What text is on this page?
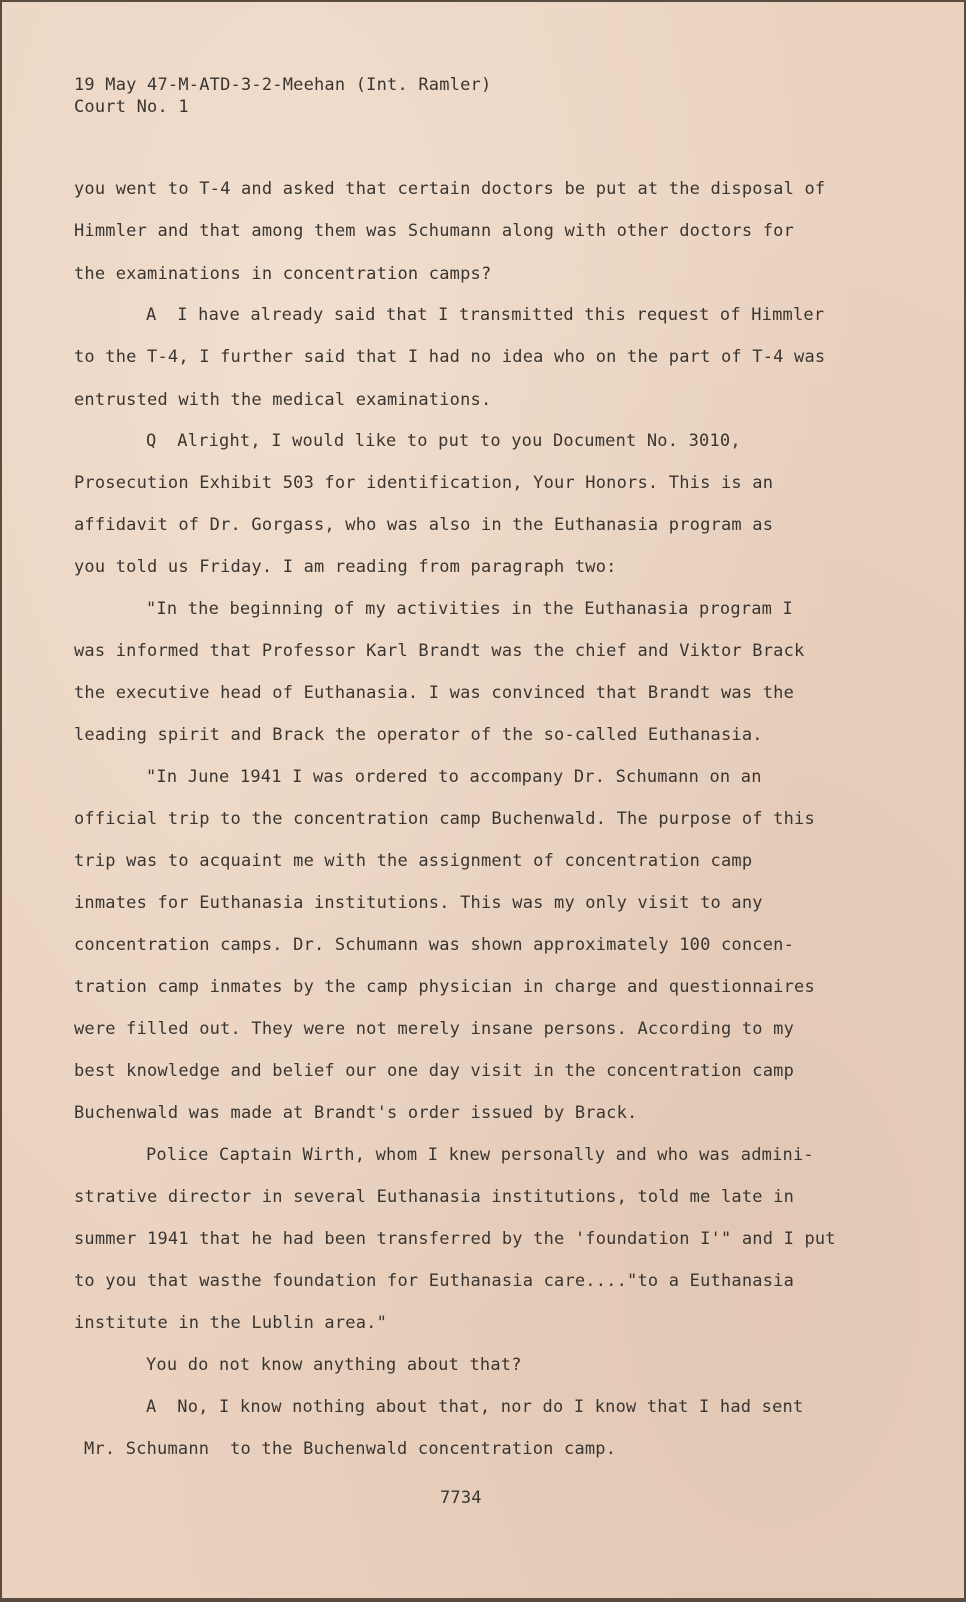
19 May 47-M-ATD-3-2-Meehan (Int. Ramler)
Court No. 1
you went to T-4 and asked that certain doctors be put at the disposal of
Himmler and that among them was Schumann along with other doctors for
the examinations in concentration camps?
A  I have already said that I transmitted this request of Himmler
to the T-4, I further said that I had no idea who on the part of T-4 was
entrusted with the medical examinations.
Q  Alright, I would like to put to you Document No. 3010,
Prosecution Exhibit 503 for identification, Your Honors. This is an
affidavit of Dr. Gorgass, who was also in the Euthanasia program as
you told us Friday. I am reading from paragraph two:
"In the beginning of my activities in the Euthanasia program I
was informed that Professor Karl Brandt was the chief and Viktor Brack
the executive head of Euthanasia. I was convinced that Brandt was the
leading spirit and Brack the operator of the so-called Euthanasia.
"In June 1941 I was ordered to accompany Dr. Schumann on an
official trip to the concentration camp Buchenwald. The purpose of this
trip was to acquaint me with the assignment of concentration camp
inmates for Euthanasia institutions. This was my only visit to any
concentration camps. Dr. Schumann was shown approximately 100 concen-
tration camp inmates by the camp physician in charge and questionnaires
were filled out. They were not merely insane persons. According to my
best knowledge and belief our one day visit in the concentration camp
Buchenwald was made at Brandt's order issued by Brack.
Police Captain Wirth, whom I knew personally and who was admini-
strative director in several Euthanasia institutions, told me late in
summer 1941 that he had been transferred by the 'foundation I'" and I put
to you that wasthe foundation for Euthanasia care...."to a Euthanasia
institute in the Lublin area."
You do not know anything about that?
A  No, I know nothing about that, nor do I know that I had sent
Mr. Schumann  to the Buchenwald concentration camp.
7734
